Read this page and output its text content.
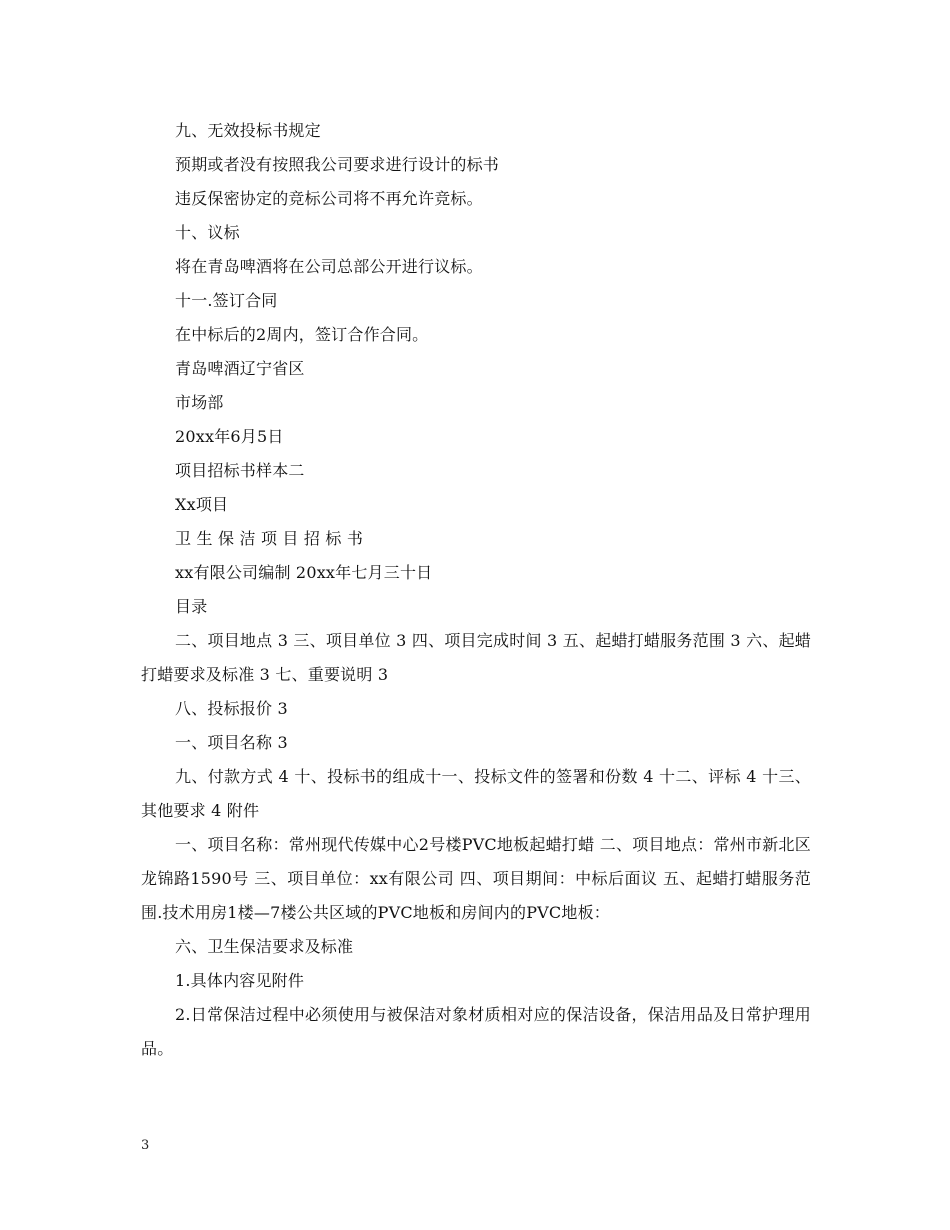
九、无效投标书规定

预期或者没有按照我公司要求进行设计的标书

违反保密协定的竞标公司将不再允许竞标。

十、议标

将在青岛啤酒将在公司总部公开进行议标。

十一.签订合同

在中标后的2周内，签订合作合同。

青岛啤酒辽宁省区

市场部

20xx年6月5日

项目招标书样本二

Xx项目

卫 生 保 洁 项 目 招 标 书

xx有限公司编制 20xx年七月三十日

目录

二、项目地点 3 三、项目单位 3 四、项目完成时间 3 五、起蜡打蜡服务范围 3 六、起蜡打蜡要求及标准 3 七、重要说明 3

八、投标报价 3

一、项目名称 3

九、付款方式 4 十、投标书的组成十一、投标文件的签署和份数 4 十二、评标 4 十三、其他要求 4 附件

一、项目名称：常州现代传媒中心2号楼PVC地板起蜡打蜡 二、项目地点：常州市新北区龙锦路1590号 三、项目单位：xx有限公司 四、项目期间：中标后面议 五、起蜡打蜡服务范围.技术用房1楼—7楼公共区域的PVC地板和房间内的PVC地板：

六、卫生保洁要求及标准

1.具体内容见附件

2.日常保洁过程中必须使用与被保洁对象材质相对应的保洁设备，保洁用品及日常护理用品。

3
